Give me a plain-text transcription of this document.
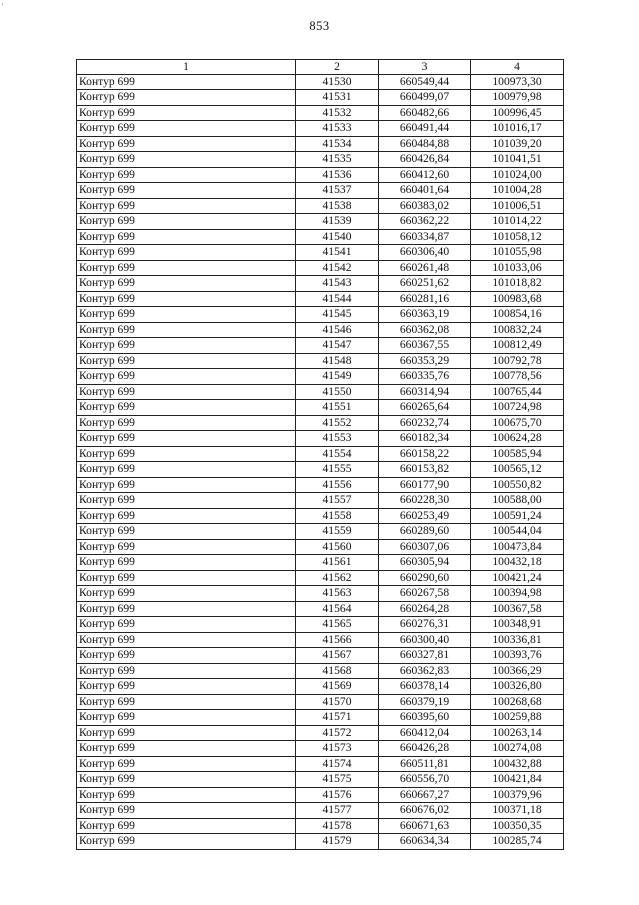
'
853
1	2	3	4
Контур 699	41530	660549,44	100973,30
Контур 699	41531	660499,07	100979,98
Контур 699	41532	660482,66	100996,45
Контур 699	41533	660491,44	101016,17
Контур 699	41534	660484,88	101039,20
Контур 699	41535	660426,84	101041,51
Контур 699	41536	660412,60	101024,00
Контур 699	41537	660401,64	101004,28
Контур 699	41538	660383,02	101006,51
Контур 699	41539	660362,22	101014,22
Контур 699	41540	660334,87	101058,12
Контур 699	41541	660306,40	101055,98
Контур 699	41542	660261,48	101033,06
Контур 699	41543	660251,62	101018,82
Контур 699	41544	660281,16	100983,68
Контур 699	41545	660363,19	100854,16
Контур 699	41546	660362,08	100832,24
Контур 699	41547	660367,55	100812,49
Контур 699	41548	660353,29	100792,78
Контур 699	41549	660335,76	100778,56
Контур 699	41550	660314,94	100765,44
Контур 699	41551	660265,64	100724,98
Контур 699	41552	660232,74	100675,70
Контур 699	41553	660182,34	100624,28
Контур 699	41554	660158,22	100585,94
Контур 699	41555	660153,82	100565,12
Контур 699	41556	660177,90	100550,82
Контур 699	41557	660228,30	100588,00
Контур 699	41558	660253,49	100591,24
Контур 699	41559	660289,60	100544,04
Контур 699	41560	660307,06	100473,84
Контур 699	41561	660305,94	100432,18
Контур 699	41562	660290,60	100421,24
Контур 699	41563	660267,58	100394,98
Контур 699	41564	660264,28	100367,58
Контур 699	41565	660276,31	100348,91
Контур 699	41566	660300,40	100336,81
Контур 699	41567	660327,81	100393,76
Контур 699	41568	660362,83	100366,29
Контур 699	41569	660378,14	100326,80
Контур 699	41570	660379,19	100268,68
Контур 699	41571	660395,60	100259,88
Контур 699	41572	660412,04	100263,14
Контур 699	41573	660426,28	100274,08
Контур 699	41574	660511,81	100432,88
Контур 699	41575	660556,70	100421,84
Контур 699	41576	660667,27	100379,96
Контур 699	41577	660676,02	100371,18
Контур 699	41578	660671,63	100350,35
Контур 699	41579	660634,34	100285,74
